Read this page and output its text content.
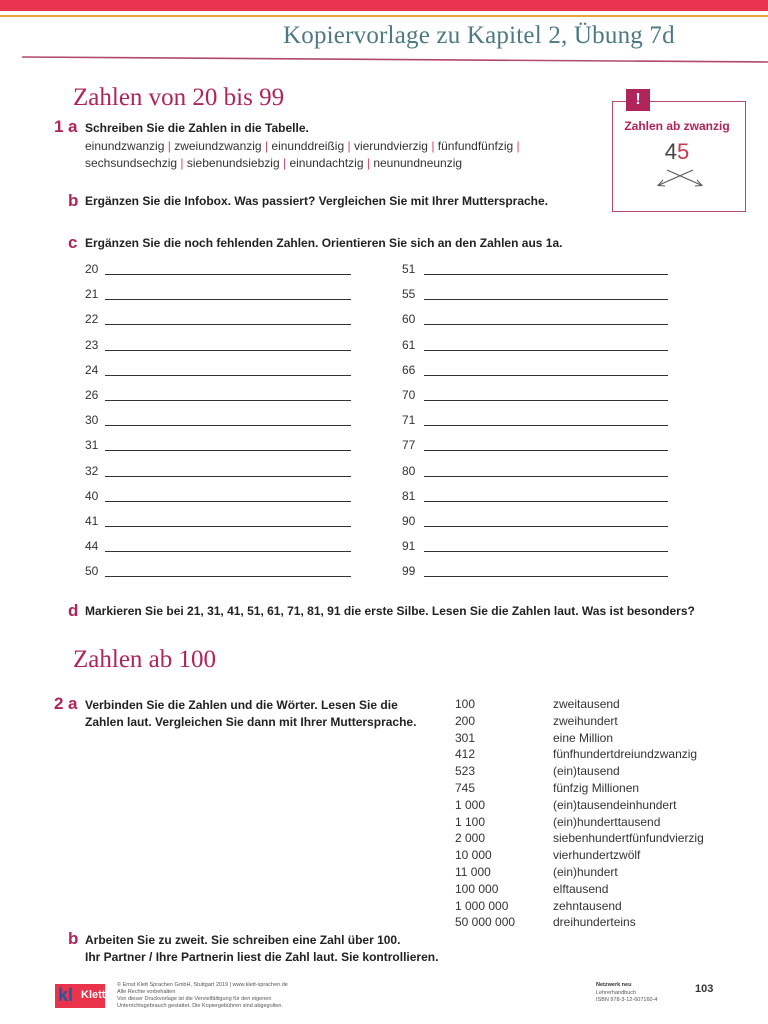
Kopiervorlage zu Kapitel 2, Übung 7d
Zahlen von 20 bis 99
1 a Schreiben Sie die Zahlen in die Tabelle.
einundzwanzig | zweiundzwanzig | einunddreißig | vierundvierzig | fünfundfünfzig |
sechsundsechzig | siebenundsiebzig | einundachtzig | neunundneunzig
b Ergänzen Sie die Infobox. Was passiert? Vergleichen Sie mit Ihrer Muttersprache.
c Ergänzen Sie die noch fehlenden Zahlen. Orientieren Sie sich an den Zahlen aus 1a.
20
21
22
23
24
26
30
31
32
40
41
44
50
51
55
60
61
66
70
71
77
80
81
90
91
99
d Markieren Sie bei 21, 31, 41, 51, 61, 71, 81, 91 die erste Silbe. Lesen Sie die Zahlen laut. Was ist besonders?
!
Zahlen ab zwanzig
45
Zahlen ab 100
2 a Verbinden Sie die Zahlen und die Wörter. Lesen Sie die
Zahlen laut. Vergleichen Sie dann mit Ihrer Muttersprache.
100	zweitausend
200	zweihundert
301	eine Million
412	fünfhundertdreiundzwanzig
523	(ein)tausend
745	fünfzig Millionen
1 000	(ein)tausendeinhundert
1 100	(ein)hunderttausend
2 000	siebenhundertfünfundvierzig
10 000	vierhundertzwölf
11 000	(ein)hundert
100 000	elftausend
1 000 000	zehntausend
50 000 000	dreihunderteins
b Arbeiten Sie zu zweit. Sie schreiben eine Zahl über 100.
Ihr Partner / Ihre Partnerin liest die Zahl laut. Sie kontrollieren.
kl Klett
© Ernst Klett Sprachen GmbH, Stuttgart 2019 | www.klett-sprachen.de
Alle Rechte vorbehalten
Von dieser Druckvorlage ist die Vervielfältigung für den eigenen
Unterrichtsgebrauch gestattet. Die Kopiergebühren sind abgegolten.
Netzwerk neu
Lehrerhandbuch
ISBN 978-3-12-607160-4
103
